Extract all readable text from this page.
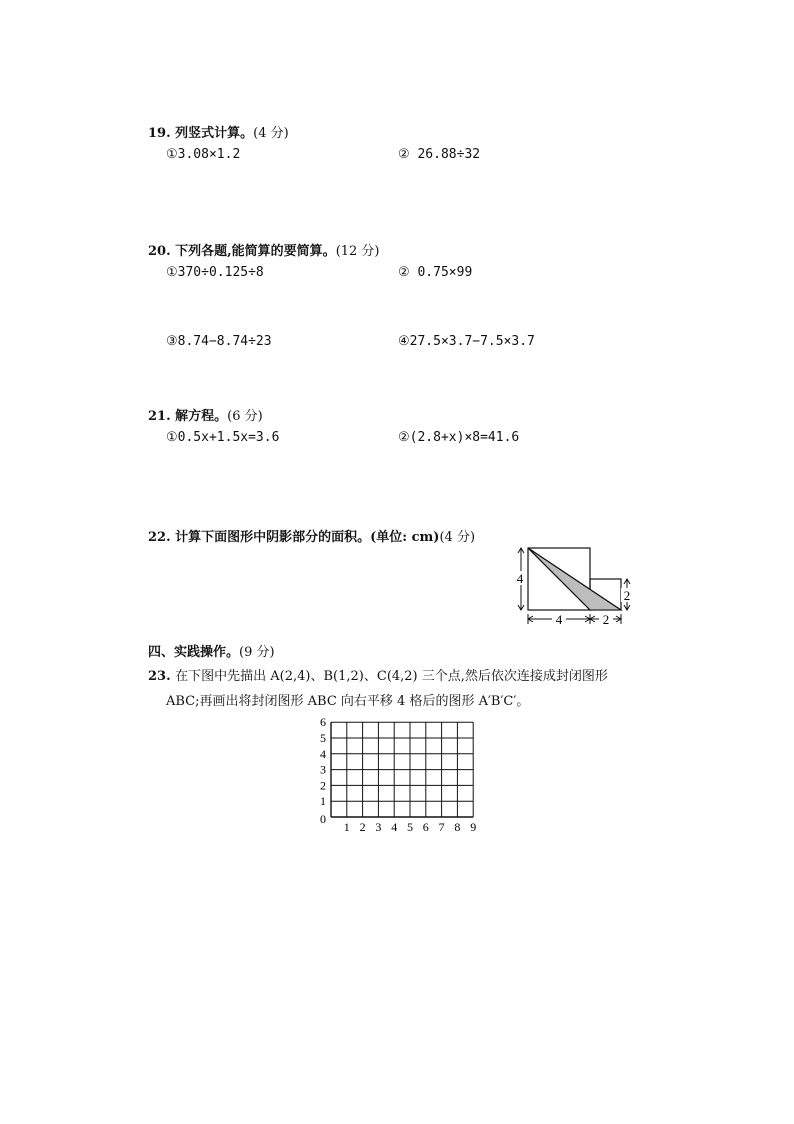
19. 列竖式计算。(4 分)
①3.08×1.2	② 26.88÷32
20. 下列各题,能简算的要简算。(12 分)
①370÷0.125÷8	② 0.75×99
③8.74−8.74÷23	④27.5×3.7−7.5×3.7
21. 解方程。(6 分)
①0.5x+1.5x=3.6	②(2.8+x)×8=41.6
22. 计算下面图形中阴影部分的面积。(单位: cm)(4 分)
4
2
4	2
四、实践操作。(9 分)
23. 在下图中先描出 A(2,4)、B(1,2)、C(4,2) 三个点,然后依次连接成封闭图形
ABC;再画出将封闭图形 ABC 向右平移 4 格后的图形 A′B′C′。
1 2 3 4 5 6 7 8 9
0
1
2
3
4
5
6
